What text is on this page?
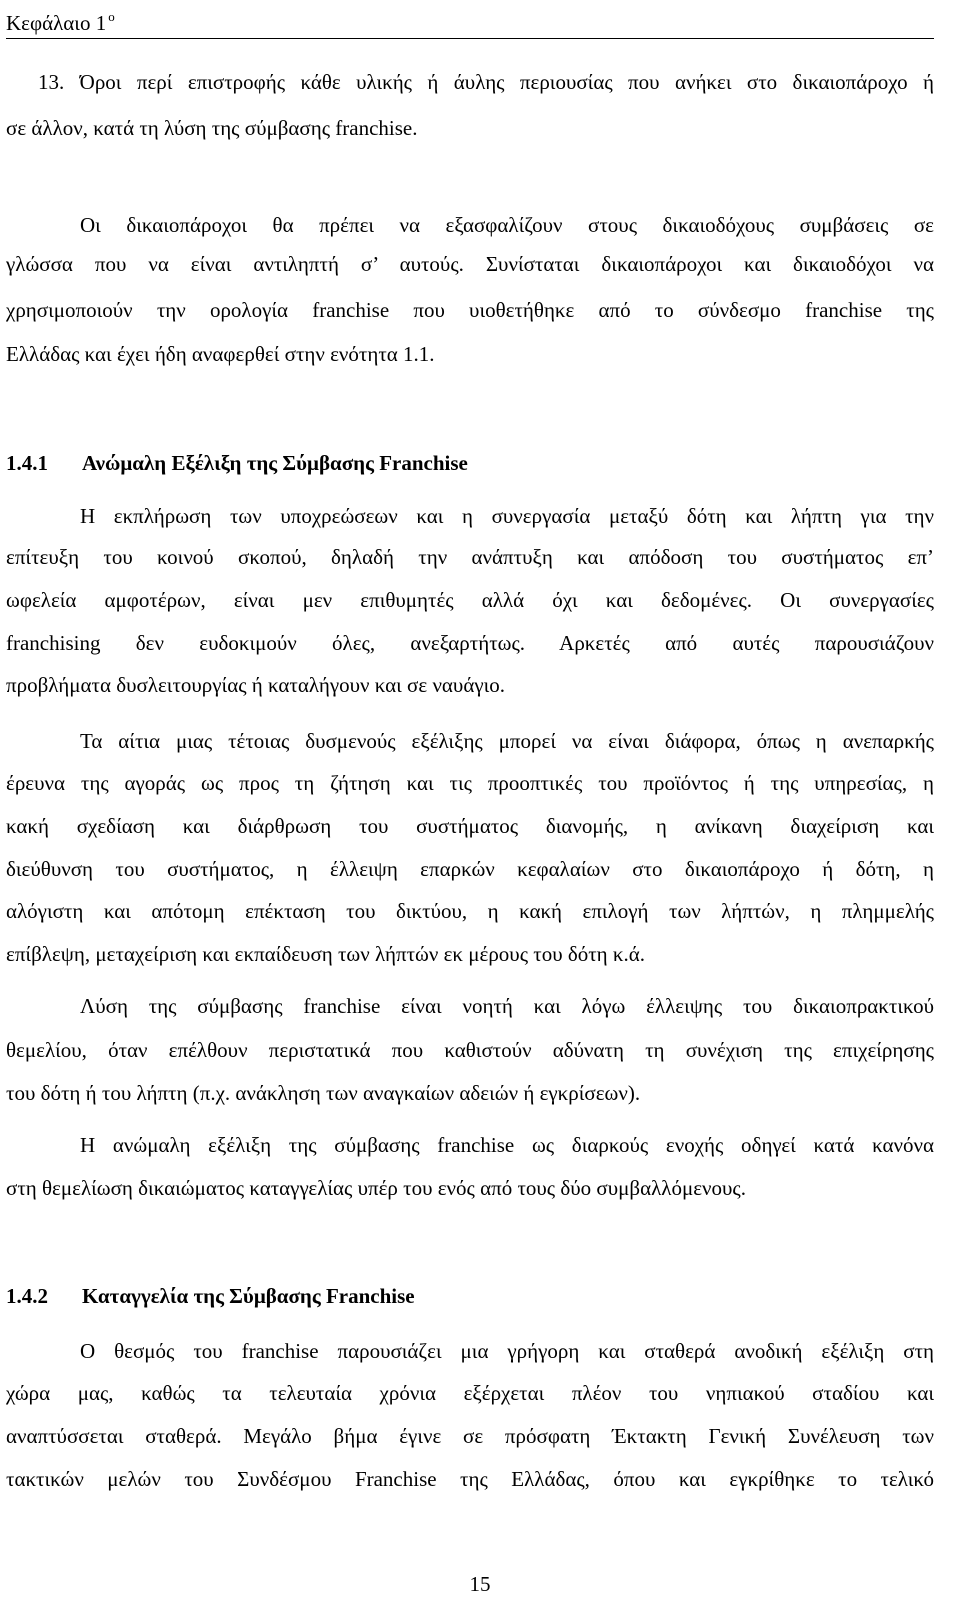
Κεφάλαιο 1 $^o$
13. Όροι περί επιστροφής κάθε υλικής ή άυλης περιουσίας που ανήκει στο δικαιοπάροχο ή
σε άλλον, κατά τη λύση της σύμβασης franchise.
Οι δικαιοπάροχοι θα πρέπει να εξασφαλίζουν στους δικαιοδόχους συμβάσεις σε
γλώσσα που να είναι αντιληπτή σ’ αυτούς. Συνίσταται δικαιοπάροχοι και δικαιοδόχοι να
χρησιμοποιούν την ορολογία franchise που υιοθετήθηκε από το σύνδεσμο franchise της
Ελλάδας και έχει ήδη αναφερθεί στην ενότητα 1.1.
1.4.1 Ανώμαλη Εξέλιξη της Σύμβασης Franchise
Η εκπλήρωση των υποχρεώσεων και η συνεργασία μεταξύ δότη και λήπτη για την
επίτευξη του κοινού σκοπού, δηλαδή την ανάπτυξη και απόδοση του συστήματος επ’
ωφελεία αμφοτέρων, είναι μεν επιθυμητές αλλά όχι και δεδομένες. Οι συνεργασίες
franchising δεν ευδοκιμούν όλες, ανεξαρτήτως. Αρκετές από αυτές παρουσιάζουν
προβλήματα δυσλειτουργίας ή καταλήγουν και σε ναυάγιο.
Τα αίτια μιας τέτοιας δυσμενούς εξέλιξης μπορεί να είναι διάφορα, όπως η ανεπαρκής
έρευνα της αγοράς ως προς τη ζήτηση και τις προοπτικές του προϊόντος ή της υπηρεσίας, η
κακή σχεδίαση και διάρθρωση του συστήματος διανομής, η ανίκανη διαχείριση και
διεύθυνση του συστήματος, η έλλειψη επαρκών κεφαλαίων στο δικαιοπάροχο ή δότη, η
αλόγιστη και απότομη επέκταση του δικτύου, η κακή επιλογή των λήπτών, η πλημμελής
επίβλεψη, μεταχείριση και εκπαίδευση των λήπτών εκ μέρους του δότη κ.ά.
Λύση της σύμβασης franchise είναι νοητή και λόγω έλλειψης του δικαιοπρακτικού
θεμελίου, όταν επέλθουν περιστατικά που καθιστούν αδύνατη τη συνέχιση της επιχείρησης
του δότη ή του λήπτη (π.χ. ανάκληση των αναγκαίων αδειών ή εγκρίσεων).
Η ανώμαλη εξέλιξη της σύμβασης franchise ως διαρκούς ενοχής οδηγεί κατά κανόνα
στη θεμελίωση δικαιώματος καταγγελίας υπέρ του ενός από τους δύο συμβαλλόμενους.
1.4.2 Καταγγελία της Σύμβασης Franchise
Ο θεσμός του franchise παρουσιάζει μια γρήγορη και σταθερά ανοδική εξέλιξη στη
χώρα μας, καθώς τα τελευταία χρόνια εξέρχεται πλέον του νηπιακού σταδίου και
αναπτύσσεται σταθερά. Μεγάλο βήμα έγινε σε πρόσφατη Έκτακτη Γενική Συνέλευση των
τακτικών μελών του Συνδέσμου Franchise της Ελλάδας, όπου και εγκρίθηκε το τελικό
15
